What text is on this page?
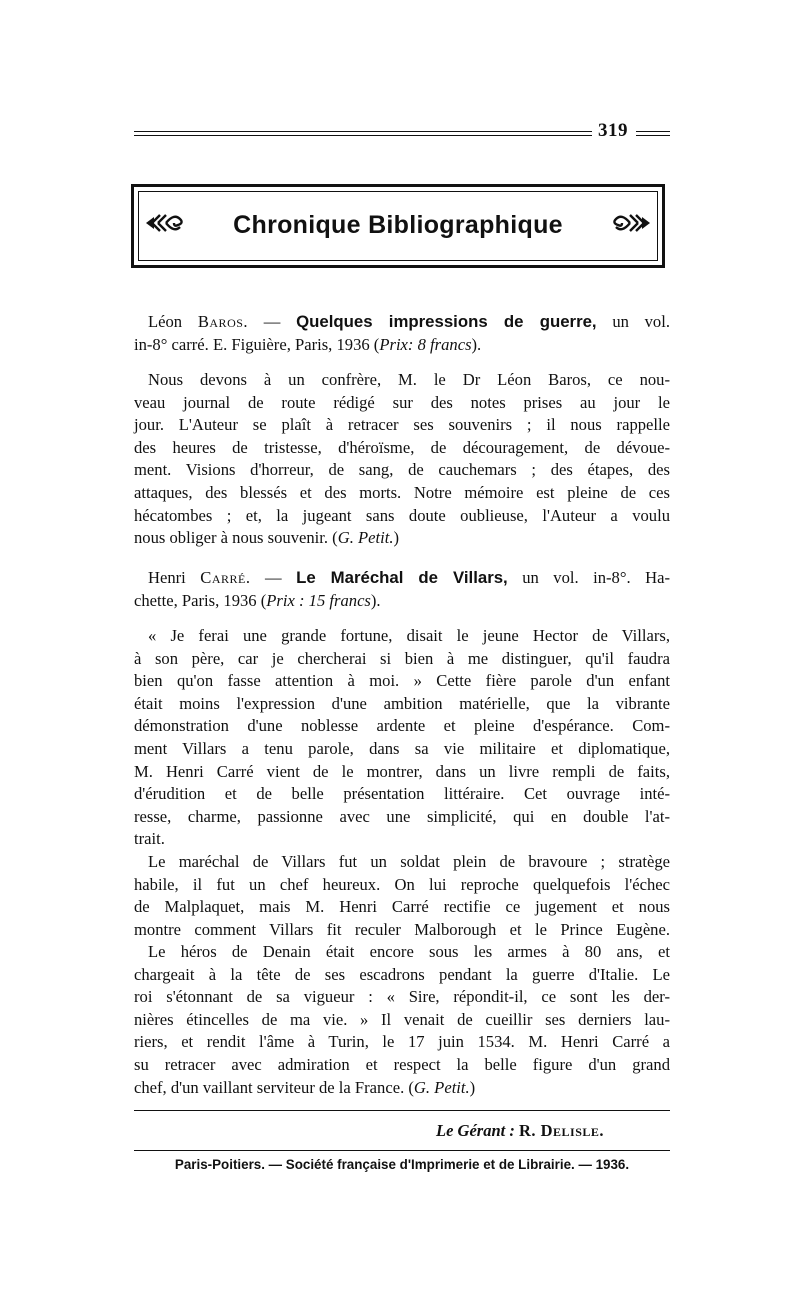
319
Chronique Bibliographique
Léon Baros. — Quelques impressions de guerre, un vol.
in-8° carré. E. Figuière, Paris, 1936 (Prix: 8 francs).
Nous devons à un confrère, M. le Dr Léon Baros, ce nou-
veau journal de route rédigé sur des notes prises au jour le
jour. L'Auteur se plaît à retracer ses souvenirs ; il nous rappelle
des heures de tristesse, d'héroïsme, de découragement, de dévoue-
ment. Visions d'horreur, de sang, de cauchemars ; des étapes, des
attaques, des blessés et des morts. Notre mémoire est pleine de ces
hécatombes ; et, la jugeant sans doute oublieuse, l'Auteur a voulu
nous obliger à nous souvenir. (G. Petit.)
Henri Carré. — Le Maréchal de Villars, un vol. in-8°. Ha-
chette, Paris, 1936 (Prix : 15 francs).
« Je ferai une grande fortune, disait le jeune Hector de Villars,
à son père, car je chercherai si bien à me distinguer, qu'il faudra
bien qu'on fasse attention à moi. » Cette fière parole d'un enfant
était moins l'expression d'une ambition matérielle, que la vibrante
démonstration d'une noblesse ardente et pleine d'espérance. Com-
ment Villars a tenu parole, dans sa vie militaire et diplomatique,
M. Henri Carré vient de le montrer, dans un livre rempli de faits,
d'érudition et de belle présentation littéraire. Cet ouvrage inté-
resse, charme, passionne avec une simplicité, qui en double l'at-
trait.
Le maréchal de Villars fut un soldat plein de bravoure ; stratège
habile, il fut un chef heureux. On lui reproche quelquefois l'échec
de Malplaquet, mais M. Henri Carré rectifie ce jugement et nous
montre comment Villars fit reculer Malborough et le Prince Eugène.
Le héros de Denain était encore sous les armes à 80 ans, et
chargeait à la tête de ses escadrons pendant la guerre d'Italie. Le
roi s'étonnant de sa vigueur : « Sire, répondit-il, ce sont les der-
nières étincelles de ma vie. » Il venait de cueillir ses derniers lau-
riers, et rendit l'âme à Turin, le 17 juin 1534. M. Henri Carré a
su retracer avec admiration et respect la belle figure d'un grand
chef, d'un vaillant serviteur de la France. (G. Petit.)
Le Gérant : R. Delisle.
Paris-Poitiers. — Société française d'Imprimerie et de Librairie. — 1936.
